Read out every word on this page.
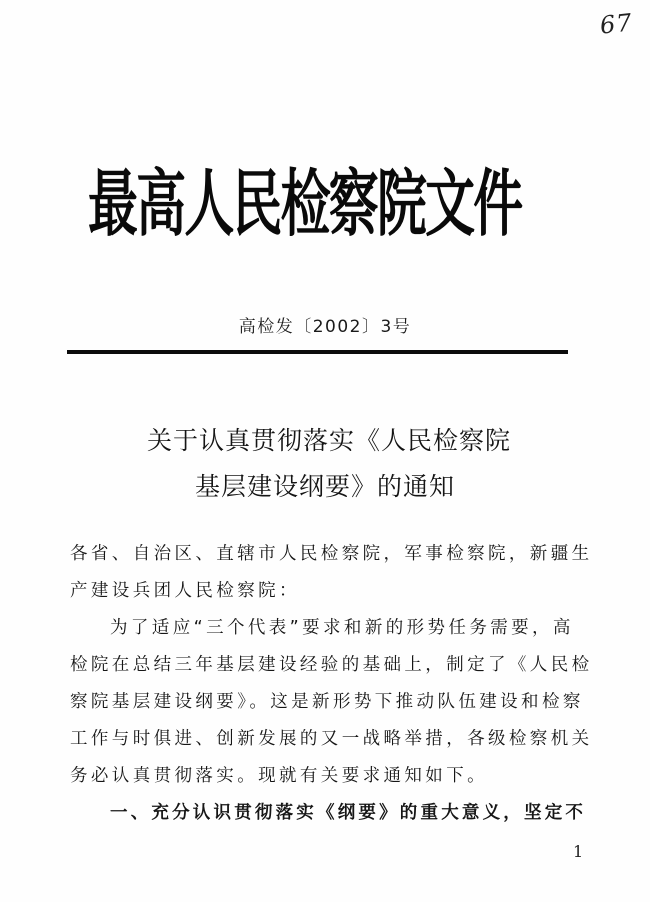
67
最高人民检察院文件
高检发〔2002〕3号
关于认真贯彻落实《人民检察院
基层建设纲要》的通知
各省、自治区、直辖市人民检察院，军事检察院，新疆生
产建设兵团人民检察院：
为了适应“三个代表”要求和新的形势任务需要，高
检院在总结三年基层建设经验的基础上，制定了《人民检
察院基层建设纲要》。这是新形势下推动队伍建设和检察
工作与时俱进、创新发展的又一战略举措，各级检察机关
务必认真贯彻落实。现就有关要求通知如下。
一、充分认识贯彻落实《纲要》的重大意义，坚定不
1
